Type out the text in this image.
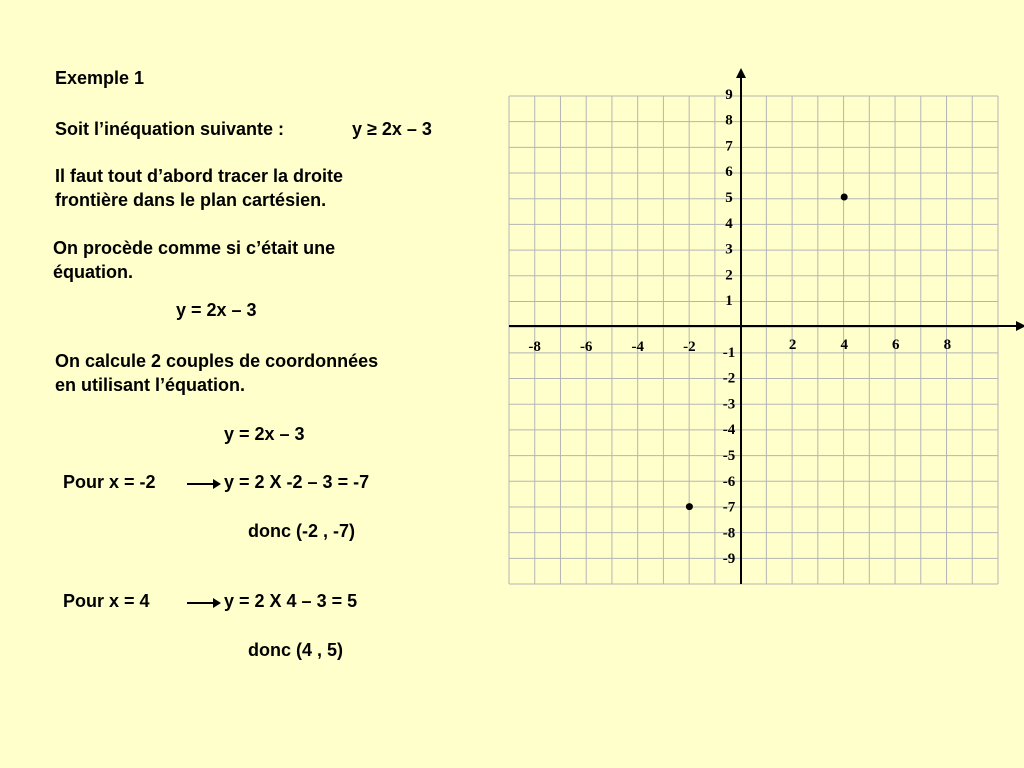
Exemple 1

Soit l’inéquation suivante :	y ≥ 2x – 3

Il faut tout d’abord tracer la droite

frontière dans le plan cartésien.

On procède comme si c’était une

équation.

y = 2x – 3

On calcule 2 couples de coordonnées

en utilisant l’équation.

y = 2x – 3

Pour x = -2	y = 2 X -2 – 3 = -7

donc (-2 , -7)

Pour x = 4	y = 2 X 4 – 3 = 5

donc (4 , 5)

-8	-6	-4	-2	2	4	6	8
9
8
7
6
5
4
3
2
1
-1
-2
-3
-4
-5
-6
-7
-8
-9
